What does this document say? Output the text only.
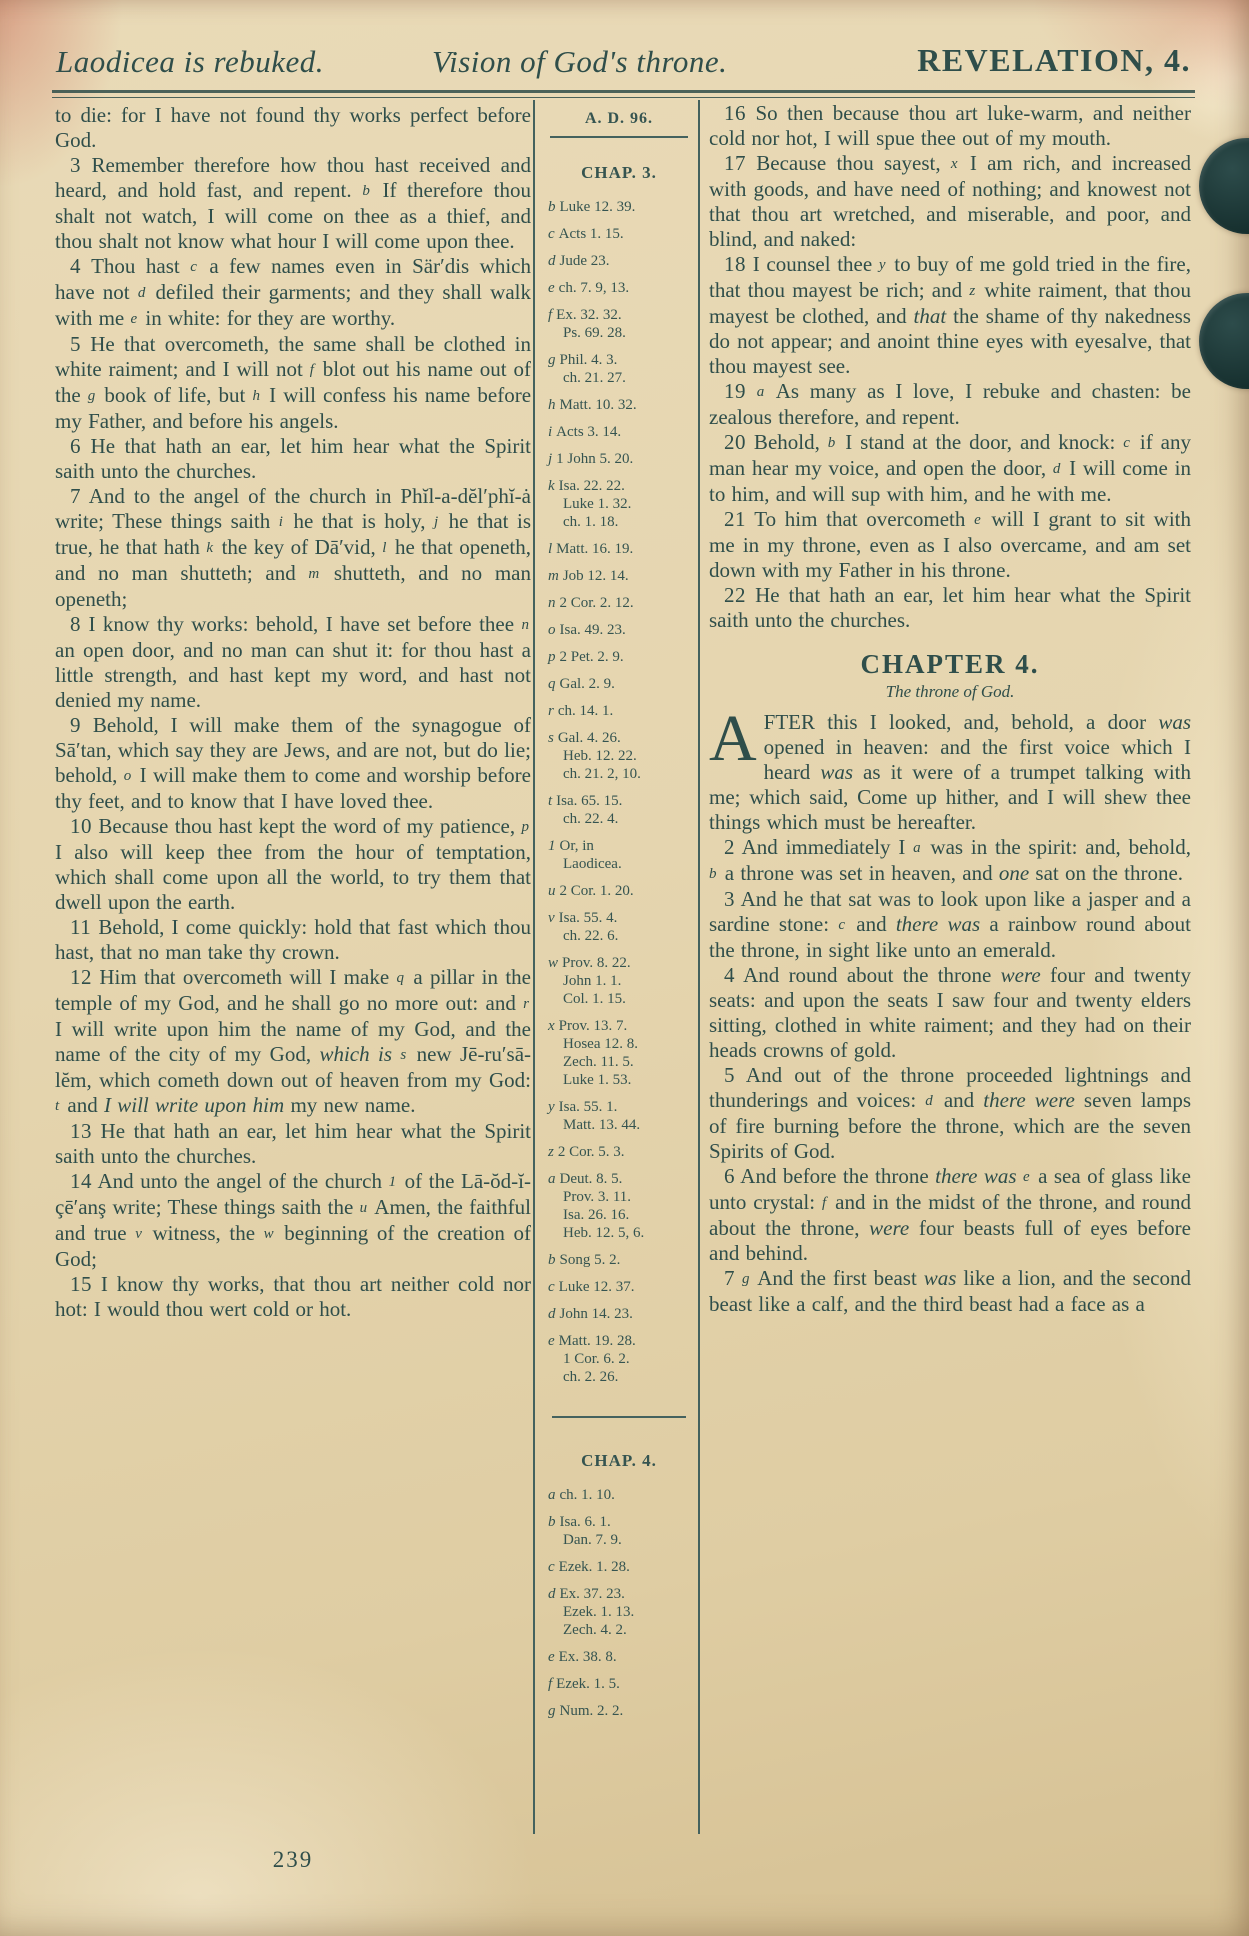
Laodicea is rebuked.	Vision of God's throne.	REVELATION, 4.

to die: for I have not found thy works perfect before God.

3 Remember therefore how thou hast received and heard, and hold fast, and repent. b If therefore thou shalt not watch, I will come on thee as a thief, and thou shalt not know what hour I will come upon thee.

4 Thou hast c a few names even in Sär′dis which have not d defiled their garments; and they shall walk with me e in white: for they are worthy.

5 He that overcometh, the same shall be clothed in white raiment; and I will not f blot out his name out of the g book of life, but h I will confess his name before my Father, and before his angels.

6 He that hath an ear, let him hear what the Spirit saith unto the churches.

7 And to the angel of the church in Phĭl-a-dĕl′phĭ-ȧ write; These things saith i he that is holy, j he that is true, he that hath k the key of Dā′vid, l he that openeth, and no man shutteth; and m shutteth, and no man openeth;

8 I know thy works: behold, I have set before thee n an open door, and no man can shut it: for thou hast a little strength, and hast kept my word, and hast not denied my name.

9 Behold, I will make them of the synagogue of Sā′tan, which say they are Jews, and are not, but do lie; behold, o I will make them to come and worship before thy feet, and to know that I have loved thee.

10 Because thou hast kept the word of my patience, p I also will keep thee from the hour of temptation, which shall come upon all the world, to try them that dwell upon the earth.

11 Behold, I come quickly: hold that fast which thou hast, that no man take thy crown.

12 Him that overcometh will I make q a pillar in the temple of my God, and he shall go no more out: and r I will write upon him the name of my God, and the name of the city of my God, which is s new Jē-ru′sā-lĕm, which cometh down out of heaven from my God: t and I will write upon him my new name.

13 He that hath an ear, let him hear what the Spirit saith unto the churches.

14 And unto the angel of the church 1 of the Lā-ŏd-ĭ-çē′anş write; These things saith the u Amen, the faithful and true v witness, the w beginning of the creation of God;

15 I know thy works, that thou art neither cold nor hot: I would thou wert cold or hot.

A. D. 96.
CHAP. 3.
b Luke 12. 39.
c Acts 1. 15.
d Jude 23.
e ch. 7. 9, 13.
f Ex. 32. 32.
Ps. 69. 28.
g Phil. 4. 3.
ch. 21. 27.
h Matt. 10. 32.
i Acts 3. 14.
j 1 John 5. 20.
k Isa. 22. 22.
Luke 1. 32.
ch. 1. 18.
l Matt. 16. 19.
m Job 12. 14.
n 2 Cor. 2. 12.
o Isa. 49. 23.
p 2 Pet. 2. 9.
q Gal. 2. 9.
r ch. 14. 1.
s Gal. 4. 26.
Heb. 12. 22.
ch. 21. 2, 10.
t Isa. 65. 15.
ch. 22. 4.
1 Or, in
Laodicea.
u 2 Cor. 1. 20.
v Isa. 55. 4.
ch. 22. 6.
w Prov. 8. 22.
John 1. 1.
Col. 1. 15.
x Prov. 13. 7.
Hosea 12. 8.
Zech. 11. 5.
Luke 1. 53.
y Isa. 55. 1.
Matt. 13. 44.
z 2 Cor. 5. 3.
a Deut. 8. 5.
Prov. 3. 11.
Isa. 26. 16.
Heb. 12. 5, 6.
b Song 5. 2.
c Luke 12. 37.
d John 14. 23.
e Matt. 19. 28.
1 Cor. 6. 2.
ch. 2. 26.
CHAP. 4.
a ch. 1. 10.
b Isa. 6. 1.
Dan. 7. 9.
c Ezek. 1. 28.
d Ex. 37. 23.
Ezek. 1. 13.
Zech. 4. 2.
e Ex. 38. 8.
f Ezek. 1. 5.
g Num. 2. 2.

16 So then because thou art luke-warm, and neither cold nor hot, I will spue thee out of my mouth.

17 Because thou sayest, x I am rich, and increased with goods, and have need of nothing; and knowest not that thou art wretched, and miserable, and poor, and blind, and naked:

18 I counsel thee y to buy of me gold tried in the fire, that thou mayest be rich; and z white raiment, that thou mayest be clothed, and that the shame of thy nakedness do not appear; and anoint thine eyes with eyesalve, that thou mayest see.

19 a As many as I love, I rebuke and chasten: be zealous therefore, and repent.

20 Behold, b I stand at the door, and knock: c if any man hear my voice, and open the door, d I will come in to him, and will sup with him, and he with me.

21 To him that overcometh e will I grant to sit with me in my throne, even as I also overcame, and am set down with my Father in his throne.

22 He that hath an ear, let him hear what the Spirit saith unto the churches.

CHAPTER 4.
The throne of God.

AFTER this I looked, and, behold, a door was opened in heaven: and the first voice which I heard was as it were of a trumpet talking with me; which said, Come up hither, and I will shew thee things which must be hereafter.

2 And immediately I a was in the spirit: and, behold, b a throne was set in heaven, and one sat on the throne.

3 And he that sat was to look upon like a jasper and a sardine stone: c and there was a rainbow round about the throne, in sight like unto an emerald.

4 And round about the throne were four and twenty seats: and upon the seats I saw four and twenty elders sitting, clothed in white raiment; and they had on their heads crowns of gold.

5 And out of the throne proceeded lightnings and thunderings and voices: d and there were seven lamps of fire burning before the throne, which are the seven Spirits of God.

6 And before the throne there was e a sea of glass like unto crystal: f and in the midst of the throne, and round about the throne, were four beasts full of eyes before and behind.

7 g And the first beast was like a lion, and the second beast like a calf, and the third beast had a face as a

239
